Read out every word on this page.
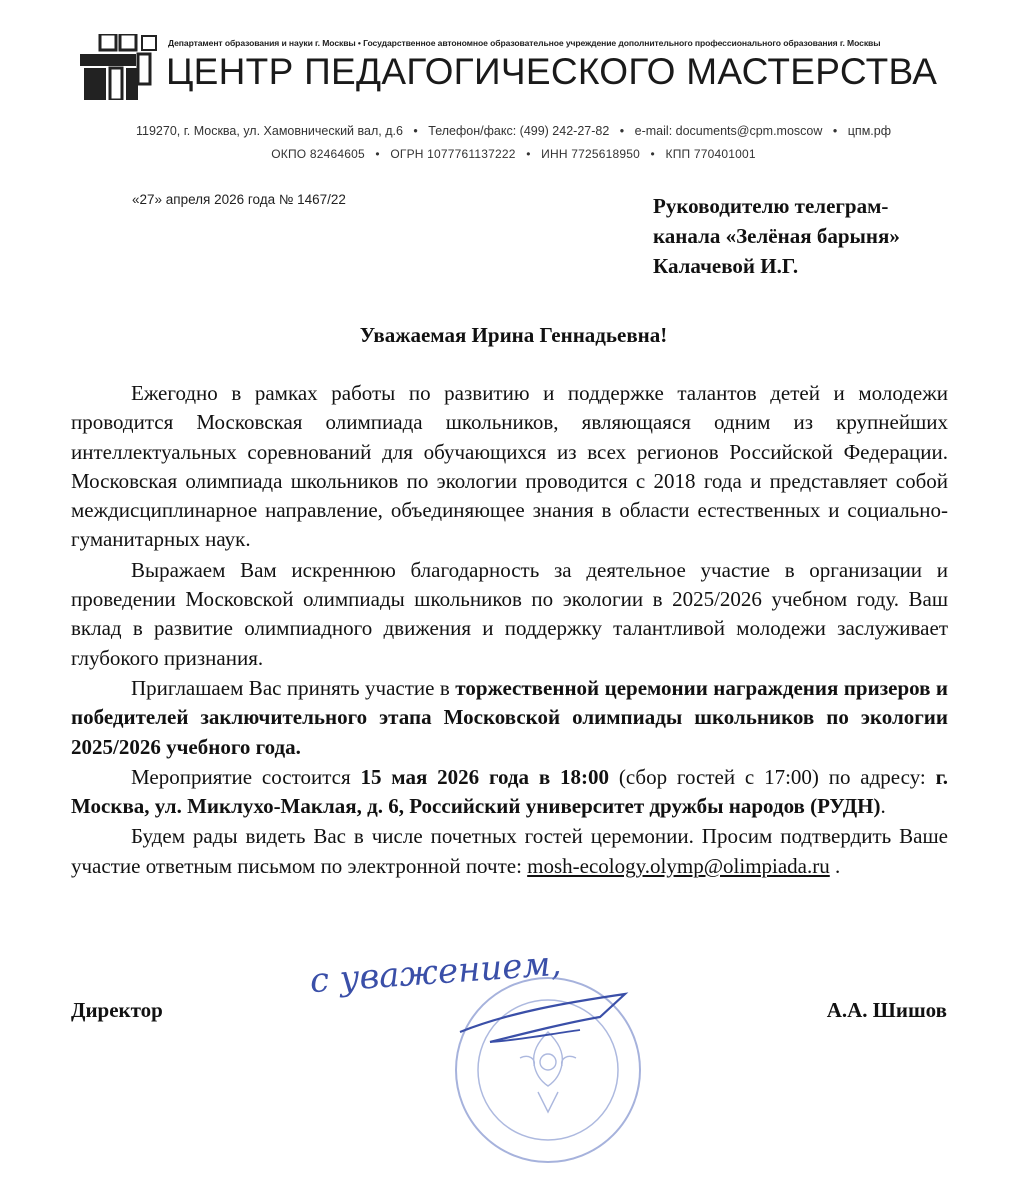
Департамент образования и науки г. Москвы • Государственное автономное образовательное учреждение дополнительного профессионального образования г. Москвы
ЦЕНТР ПЕДАГОГИЧЕСКОГО МАСТЕРСТВА
119270, г. Москва, ул. Хамовнический вал, д.6 • Телефон/факс: (499) 242-27-82 • e-mail: documents@cpm.moscow • цпм.рф
ОКПО 82464605 • ОГРН 1077761137222 • ИНН 7725618950 • КПП 770401001
«27» апреля 2026 года № 1467/22	Руководителю телеграм-
канала «Зелёная барыня»
Калачевой И.Г.
Уважаемая Ирина Геннадьевна!

Ежегодно в рамках работы по развитию и поддержке талантов детей и молодежи проводится Московская олимпиада школьников, являющаяся одним из крупнейших интеллектуальных соревнований для обучающихся из всех регионов Российской Федерации. Московская олимпиада школьников по экологии проводится с 2018 года и представляет собой междисциплинарное направление, объединяющее знания в области естественных и социально-гуманитарных наук.

Выражаем Вам искреннюю благодарность за деятельное участие в организации и проведении Московской олимпиады школьников по экологии в 2025/2026 учебном году. Ваш вклад в развитие олимпиадного движения и поддержку талантливой молодежи заслуживает глубокого признания.

Приглашаем Вас принять участие в торжественной церемонии награждения призеров и победителей заключительного этапа Московской олимпиады школьников по экологии 2025/2026 учебного года.

Мероприятие состоится 15 мая 2026 года в 18:00 (сбор гостей с 17:00) по адресу: г. Москва, ул. Миклухо-Маклая, д. 6, Российский университет дружбы народов (РУДН).

Будем рады видеть Вас в числе почетных гостей церемонии. Просим подтвердить Ваше участие ответным письмом по электронной почте: mosh-ecology.olymp@olimpiada.ru .

с уважением,
Директор	А.А. Шишов
